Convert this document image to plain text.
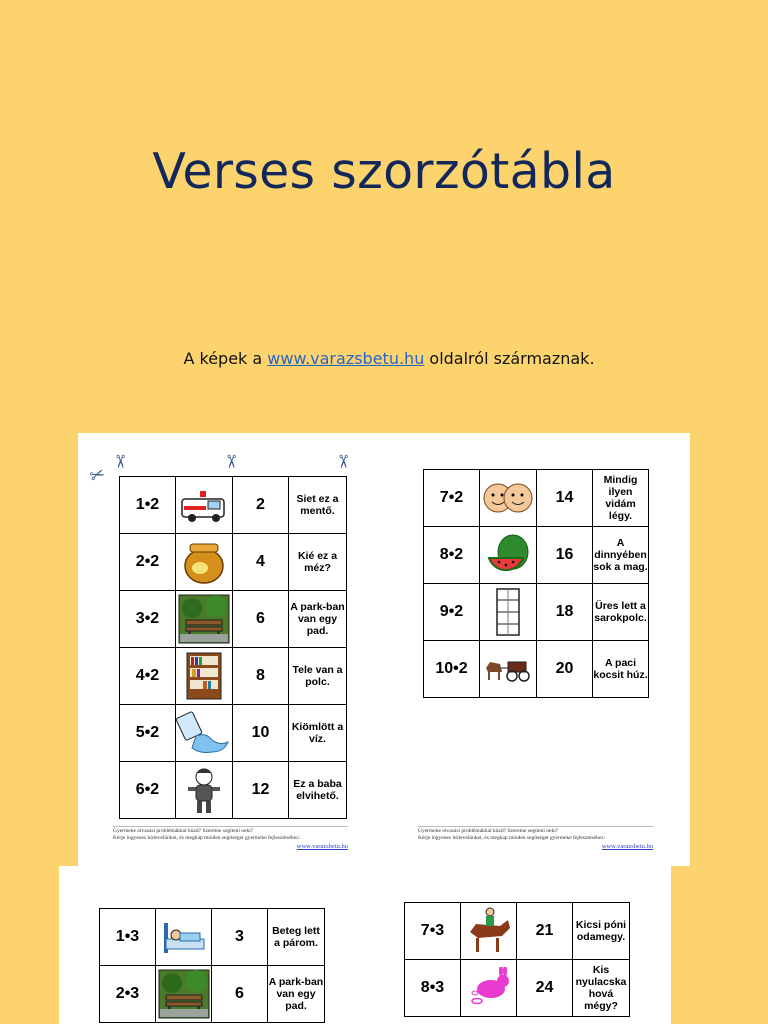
Verses szorzótábla
A képek a www.varazsbetu.hu oldalról származnak.
✂
✂	✂	✂
1•2		2	Siet ez a mentő.
2•2		4	Kié ez a méz?
3•2		6	A park-ban van egy pad.
4•2		8	Tele van a polc.
5•2		10	Kiömlött a víz.
6•2		12	Ez a baba elvihető.
7•2		14	Mindig ilyen vidám légy.
8•2		16	A dinnyében sok a mag.
9•2		18	Üres lett a sarokpolc.
10•2		20	A paci kocsit húz.
Gyermeke olvasási problémákkal küzd? Szeretne segíteni neki?
Kérje ingyenes hírlevelünket, és megkap minden segítséget gyermeke fejlesztéséhez:
www.varazsbetu.hu
Gyermeke olvasási problémákkal küzd? Szeretne segíteni neki?
Kérje ingyenes hírlevelünket, és megkap minden segítséget gyermeke fejlesztéséhez:
www.varazsbetu.hu
1•3		3	Beteg lett a párom.
2•3		6	A park-ban van egy pad.
7•3		21	Kicsi póni odamegy.
8•3		24	Kis nyulacska hová mégy?
